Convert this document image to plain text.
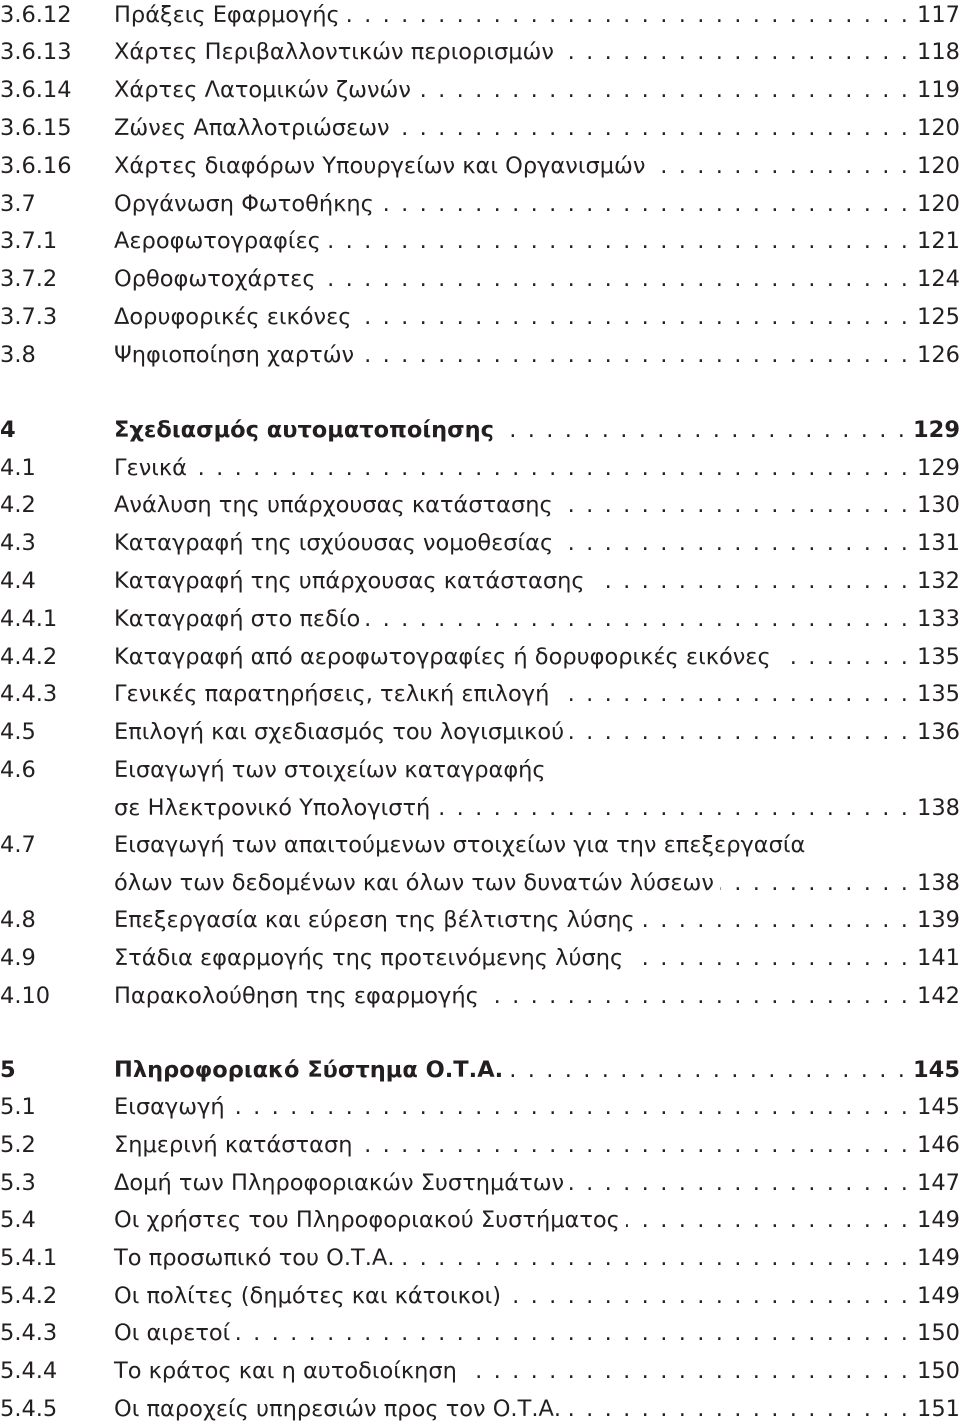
3.6.12 Πράξεις Εφαρμογής . . .	117
3.6.13 Χάρτες Περιβαλλοντικών περιορισμών . . .	118
3.6.14 Χάρτες Λατομικών ζωνών . . .	119
3.6.15 Ζώνες Απαλλοτριώσεων . . .	120
3.6.16 Χάρτες διαφόρων Υπουργείων και Οργανισμών . . .	120
3.7	Οργάνωση Φωτοθήκης . . .	120
3.7.1	Αεροφωτογραφίες . . .	121
3.7.2	Ορθοφωτοχάρτες . . .	124
3.7.3	Δορυφορικές εικόνες . . .	125
3.8	Ψηφιοποίηση χαρτών . . .	126
4	Σχεδιασμός αυτοματοποίησης . . .	129
4.1	Γενικά . . .	129
4.2	Ανάλυση της υπάρχουσας κατάστασης . . .	130
4.3	Καταγραφή της ισχύουσας νομοθεσίας . . .	131
4.4	Καταγραφή της υπάρχουσας κατάστασης . . .	132
4.4.1	Καταγραφή στο πεδίο . . .	133
4.4.2	Καταγραφή από αεροφωτογραφίες ή δορυφορικές εικόνες . . .	135
4.4.3	Γενικές παρατηρήσεις, τελική επιλογή . . .	135
4.5	Επιλογή και σχεδιασμός του λογισμικού . . .	136
4.6	Εισαγωγή των στοιχείων καταγραφής
σε Ηλεκτρονικό Υπολογιστή . . .	138
4.7	Εισαγωγή των απαιτούμενων στοιχείων για την επεξεργασία
όλων των δεδομένων και όλων των δυνατών λύσεων . . .	138
4.8	Επεξεργασία και εύρεση της βέλτιστης λύσης . . .	139
4.9	Στάδια εφαρμογής της προτεινόμενης λύσης . . .	141
4.10	Παρακολούθηση της εφαρμογής . . .	142
5	Πληροφοριακό Σύστημα Ο.Τ.Α. . . .	145
5.1	Εισαγωγή . . .	145
5.2	Σημερινή κατάσταση . . .	146
5.3	Δομή των Πληροφοριακών Συστημάτων . . .	147
5.4	Οι χρήστες του Πληροφοριακού Συστήματος . . .	149
5.4.1	Το προσωπικό του Ο.Τ.Α. . . .	149
5.4.2	Οι πολίτες (δημότες και κάτοικοι) . . .	149
5.4.3	Οι αιρετοί . . .	150
5.4.4	Το κράτος και η αυτοδιοίκηση . . .	150
5.4.5	Οι παροχείς υπηρεσιών προς τον Ο.Τ.Α. . . .	151
